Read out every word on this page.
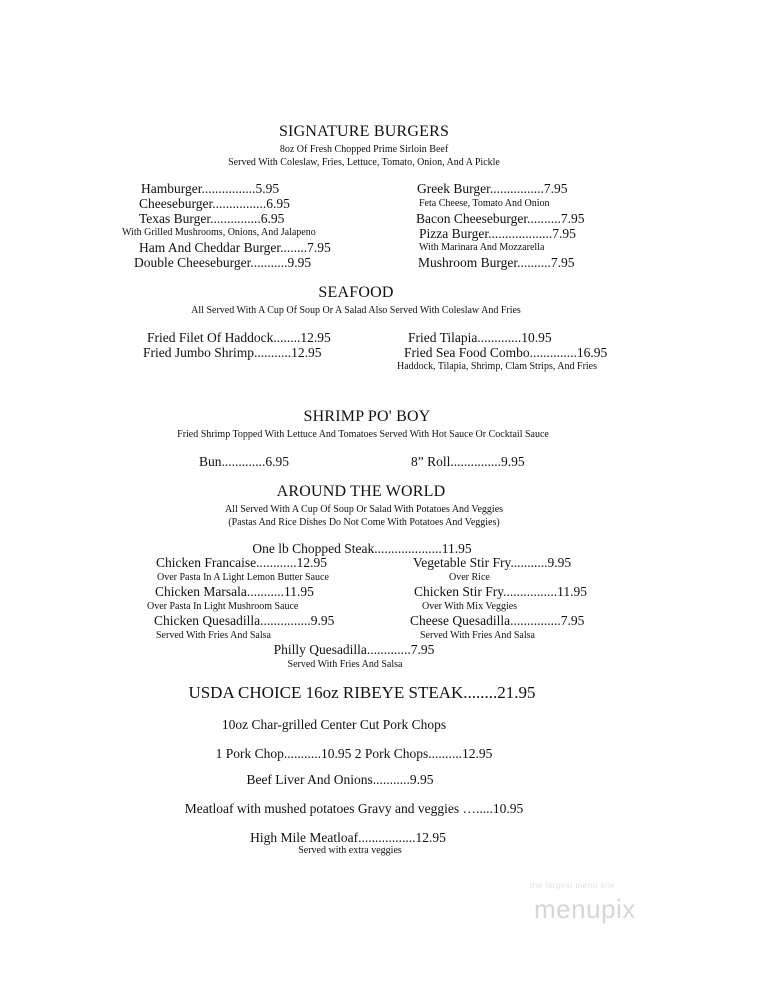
SIGNATURE BURGERS
8oz Of Fresh Chopped Prime Sirloin Beef
Served With Coleslaw, Fries, Lettuce, Tomato, Onion, And A Pickle
Hamburger................5.95
Cheeseburger................6.95
Texas Burger...............6.95
With Grilled Mushrooms, Onions, And Jalapeno
Ham And Cheddar Burger........7.95
Double Cheeseburger...........9.95
Greek Burger................7.95
Feta Cheese, Tomato And Onion
Bacon Cheeseburger..........7.95
Pizza Burger...................7.95
With Marinara And Mozzarella
Mushroom Burger..........7.95
SEAFOOD
All Served With A Cup Of Soup Or A Salad Also Served With Coleslaw And Fries
Fried Filet Of Haddock........12.95
Fried Jumbo Shrimp...........12.95
Fried Tilapia.............10.95
Fried Sea Food Combo..............16.95
Haddock, Tilapia, Shrimp, Clam Strips, And Fries
SHRIMP PO' BOY
Fried Shrimp Topped With Lettuce And Tomatoes Served With Hot Sauce Or Cocktail Sauce
Bun.............6.95	8” Roll...............9.95
AROUND THE WORLD
All Served With A Cup Of Soup Or Salad With Potatoes And Veggies
(Pastas And Rice Dishes Do Not Come With Potatoes And Veggies)
One lb Chopped Steak....................11.95
Chicken Francaise............12.95
Over Pasta In A Light Lemon Butter Sauce
Chicken Marsala...........11.95
Over Pasta In Light Mushroom Sauce
Chicken Quesadilla...............9.95
Served With Fries And Salsa
Vegetable Stir Fry...........9.95
Over Rice
Chicken Stir Fry................11.95
Over With Mix Veggies
Cheese Quesadilla...............7.95
Served With Fries And Salsa
Philly Quesadilla.............7.95
Served With Fries And Salsa
USDA CHOICE 16oz RIBEYE STEAK........21.95
10oz Char-grilled Center Cut Pork Chops
1 Pork Chop...........10.95 2 Pork Chops..........12.95
Beef Liver And Onions...........9.95
Meatloaf with mushed potatoes Gravy and veggies ….....10.95
High Mile Meatloaf.................12.95
Served with extra veggies
the largest menu site
menupix
